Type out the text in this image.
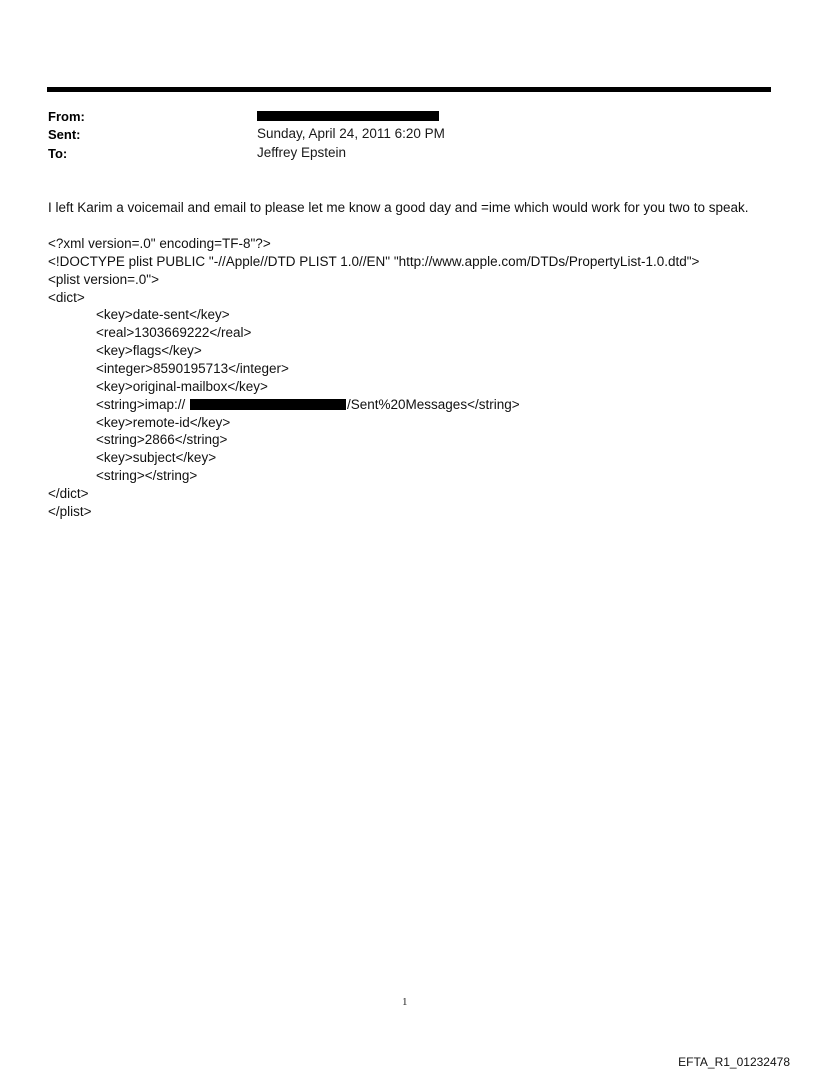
From:
Sent:	Sunday, April 24, 2011 6:20 PM
To:	Jeffrey Epstein
I left Karim a voicemail and email to please let me know a good day and =ime which would work for you two to speak.
<?xml version=.0" encoding=TF-8"?>
<!DOCTYPE plist PUBLIC "-//Apple//DTD PLIST 1.0//EN" "http://www.apple.com/DTDs/PropertyList-1.0.dtd">
<plist version=.0">
<dict>
<key>date-sent</key>
<real>1303669222</real>
<key>flags</key>
<integer>8590195713</integer>
<key>original-mailbox</key>
<string>imap://	/Sent%20Messages</string>
<key>remote-id</key>
<string>2866</string>
<key>subject</key>
<string></string>
</dict>
</plist>
1
EFTA_R1_01232478
